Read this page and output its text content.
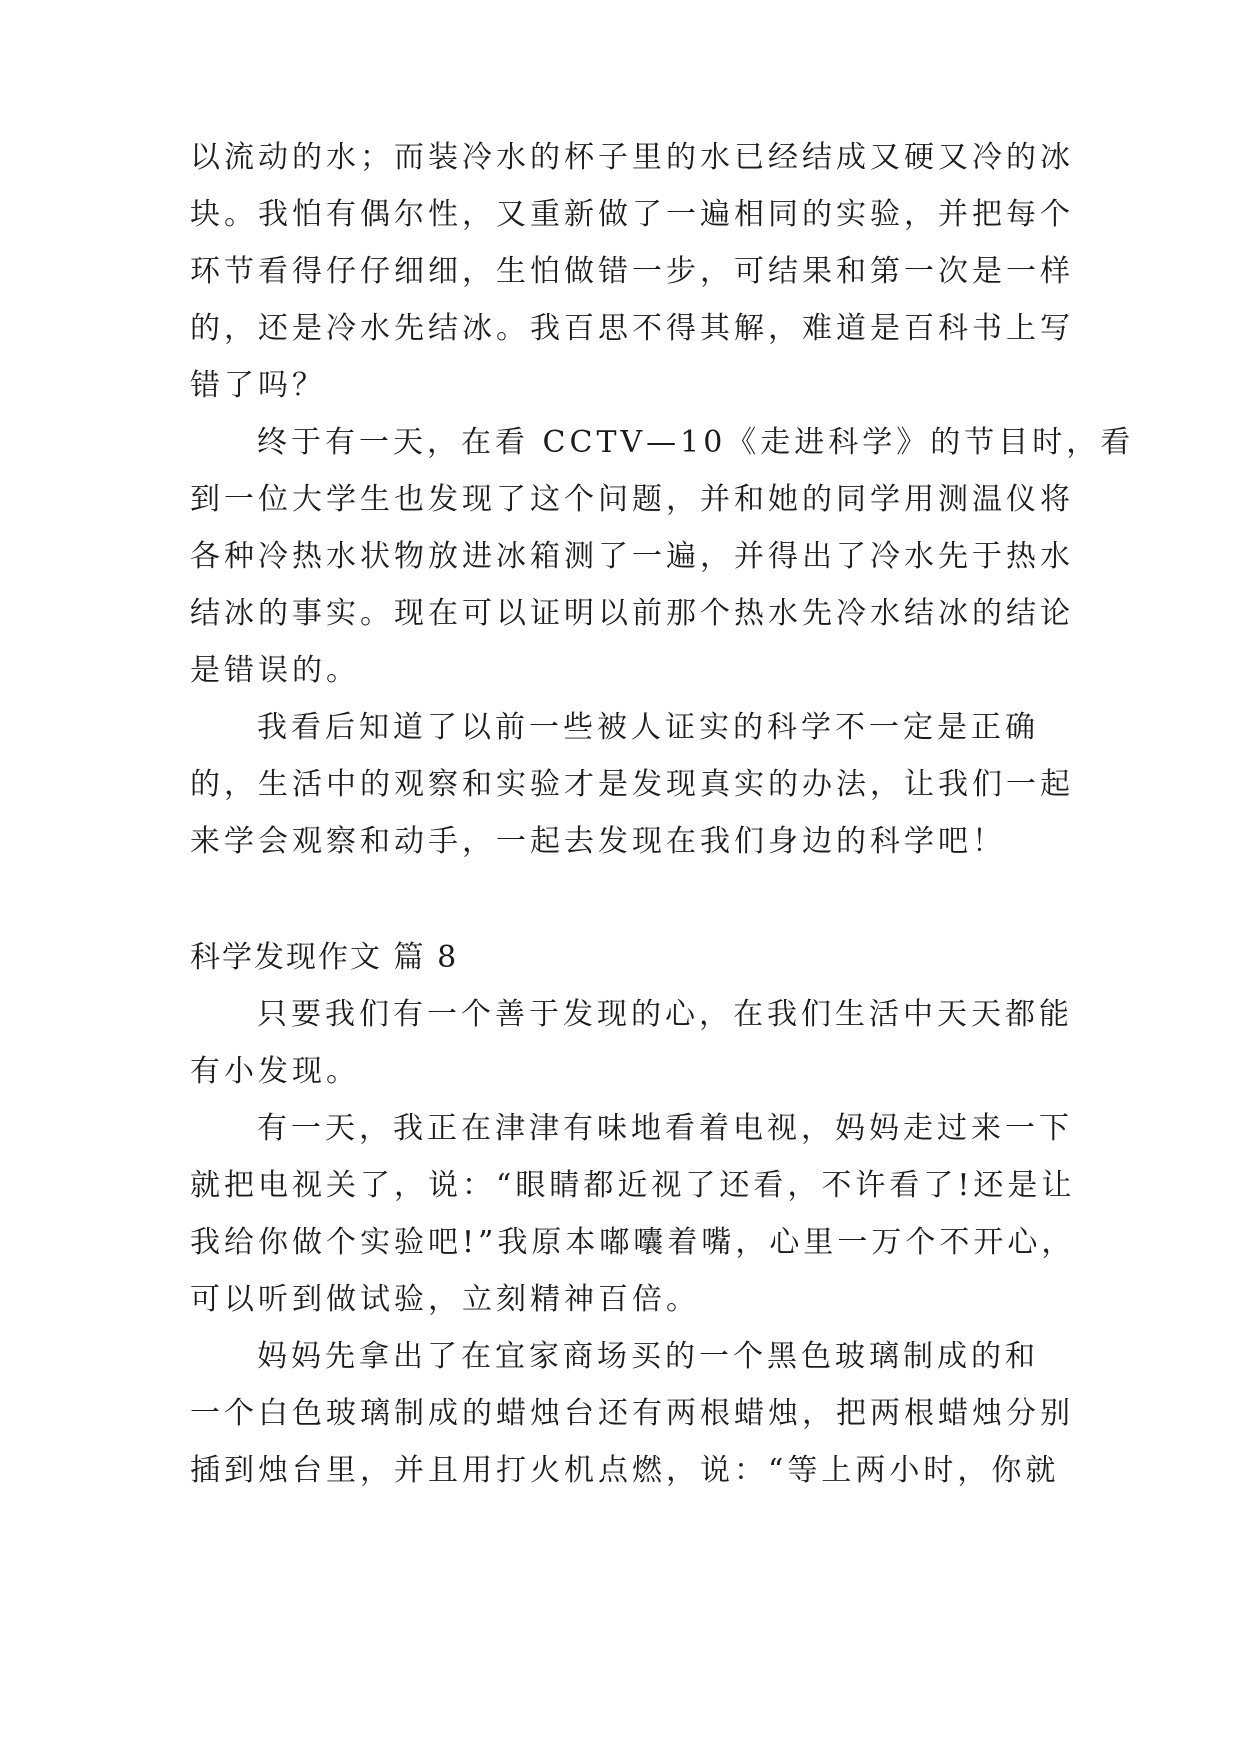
以流动的水；而装冷水的杯子里的水已经结成又硬又冷的冰
块。我怕有偶尔性，又重新做了一遍相同的实验，并把每个
环节看得仔仔细细，生怕做错一步，可结果和第一次是一样
的，还是冷水先结冰。我百思不得其解，难道是百科书上写
错了吗？
终于有一天，在看 CCTV—10《走进科学》的节目时，看
到一位大学生也发现了这个问题，并和她的同学用测温仪将
各种冷热水状物放进冰箱测了一遍，并得出了冷水先于热水
结冰的事实。现在可以证明以前那个热水先冷水结冰的结论
是错误的。
我看后知道了以前一些被人证实的科学不一定是正确
的，生活中的观察和实验才是发现真实的办法，让我们一起
来学会观察和动手，一起去发现在我们身边的科学吧！
科学发现作文 篇 8
只要我们有一个善于发现的心，在我们生活中天天都能
有小发现。
有一天，我正在津津有味地看着电视，妈妈走过来一下
就把电视关了，说：“眼睛都近视了还看，不许看了!还是让
我给你做个实验吧!”我原本嘟囔着嘴，心里一万个不开心，
可以听到做试验，立刻精神百倍。
妈妈先拿出了在宜家商场买的一个黑色玻璃制成的和
一个白色玻璃制成的蜡烛台还有两根蜡烛，把两根蜡烛分别
插到烛台里，并且用打火机点燃，说：“等上两小时，你就
